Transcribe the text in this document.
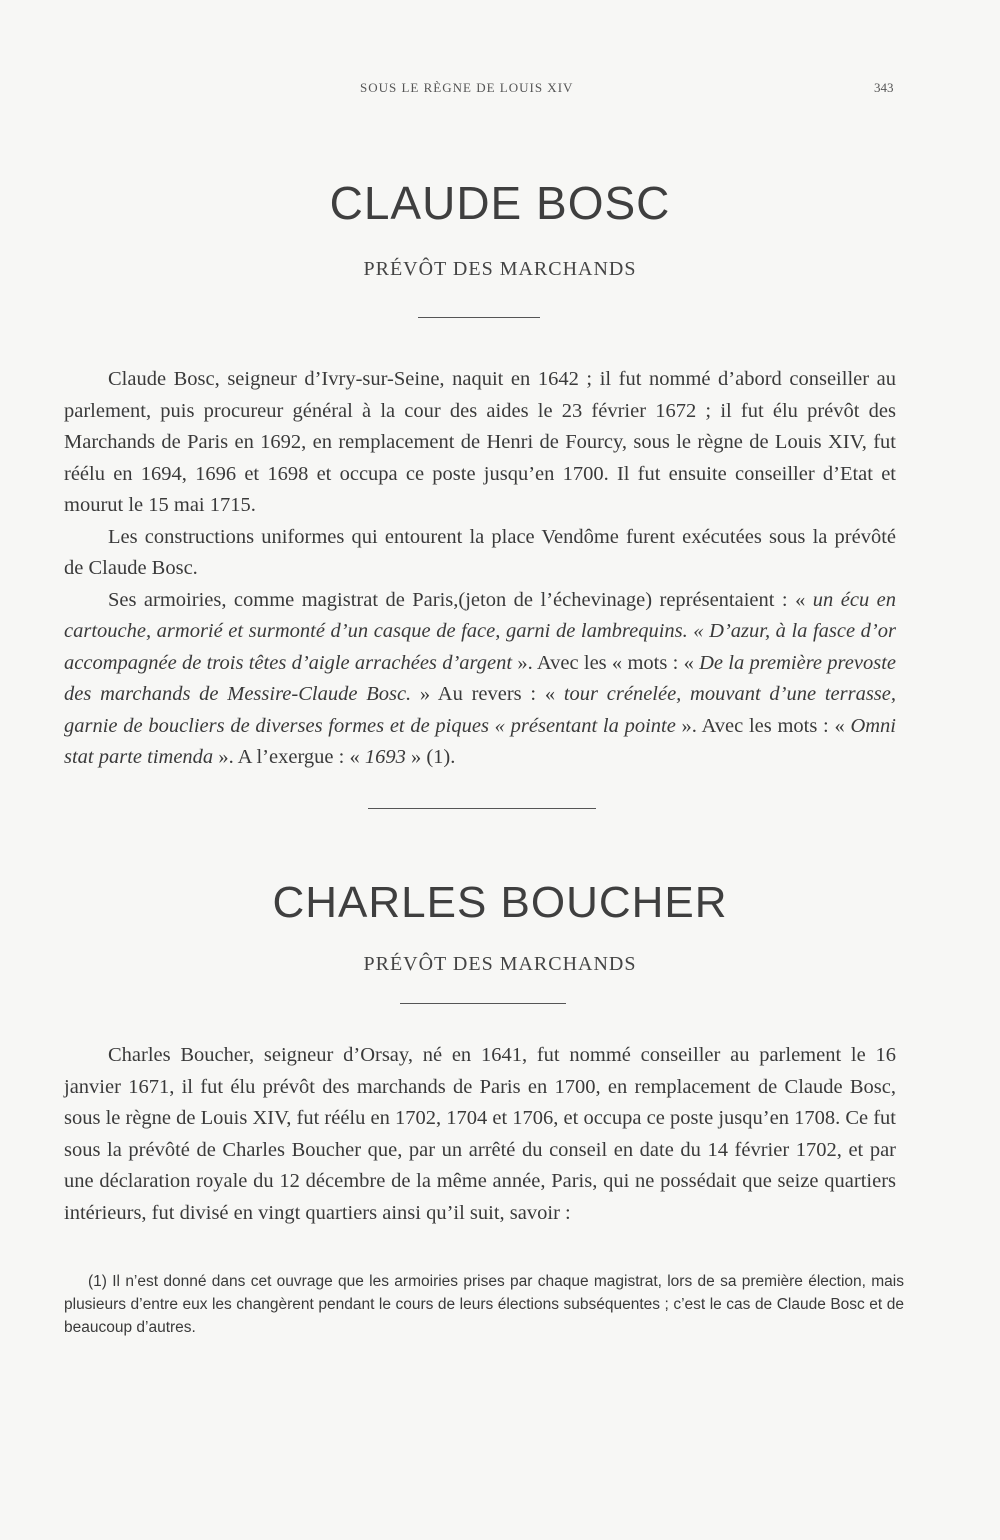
SOUS LE RÈGNE DE LOUIS XIV	343
CLAUDE BOSC
PRÉVÔT DES MARCHANDS

Claude Bosc, seigneur d’Ivry-sur-Seine, naquit en 1642 ; il fut nommé d’abord conseiller au parlement, puis procureur général à la cour des aides le 23 février 1672 ; il fut élu prévôt des Marchands de Paris en 1692, en remplacement de Henri de Fourcy, sous le règne de Louis XIV, fut réélu en 1694, 1696 et 1698 et occupa ce poste jusqu’en 1700. Il fut ensuite conseiller d’Etat et mourut le 15 mai 1715.

Les constructions uniformes qui entourent la place Vendôme furent exécutées sous la prévôté de Claude Bosc.

Ses armoiries, comme magistrat de Paris,(jeton de l’échevinage) représentaient : « un écu en cartouche, armorié et surmonté d’un casque de face, garni de lambrequins. « D’azur, à la fasce d’or accompagnée de trois têtes d’aigle arrachées d’argent ». Avec les « mots : « De la première prevoste des marchands de Messire-Claude Bosc. » Au revers : « tour crénelée, mouvant d’une terrasse, garnie de boucliers de diverses formes et de piques « présentant la pointe ». Avec les mots : « Omni stat parte timenda ». A l’exergue : « 1693 » (1).

CHARLES BOUCHER
PRÉVÔT DES MARCHANDS

Charles Boucher, seigneur d’Orsay, né en 1641, fut nommé conseiller au parlement le 16 janvier 1671, il fut élu prévôt des marchands de Paris en 1700, en remplacement de Claude Bosc, sous le règne de Louis XIV, fut réélu en 1702, 1704 et 1706, et occupa ce poste jusqu’en 1708. Ce fut sous la prévôté de Charles Boucher que, par un arrêté du conseil en date du 14 février 1702, et par une déclaration royale du 12 décembre de la même année, Paris, qui ne possédait que seize quartiers intérieurs, fut divisé en vingt quartiers ainsi qu’il suit, savoir :

(1) Il n’est donné dans cet ouvrage que les armoiries prises par chaque magistrat, lors de sa première élection, mais plusieurs d’entre eux les changèrent pendant le cours de leurs élections subséquentes ; c’est le cas de Claude Bosc et de beaucoup d’autres.
